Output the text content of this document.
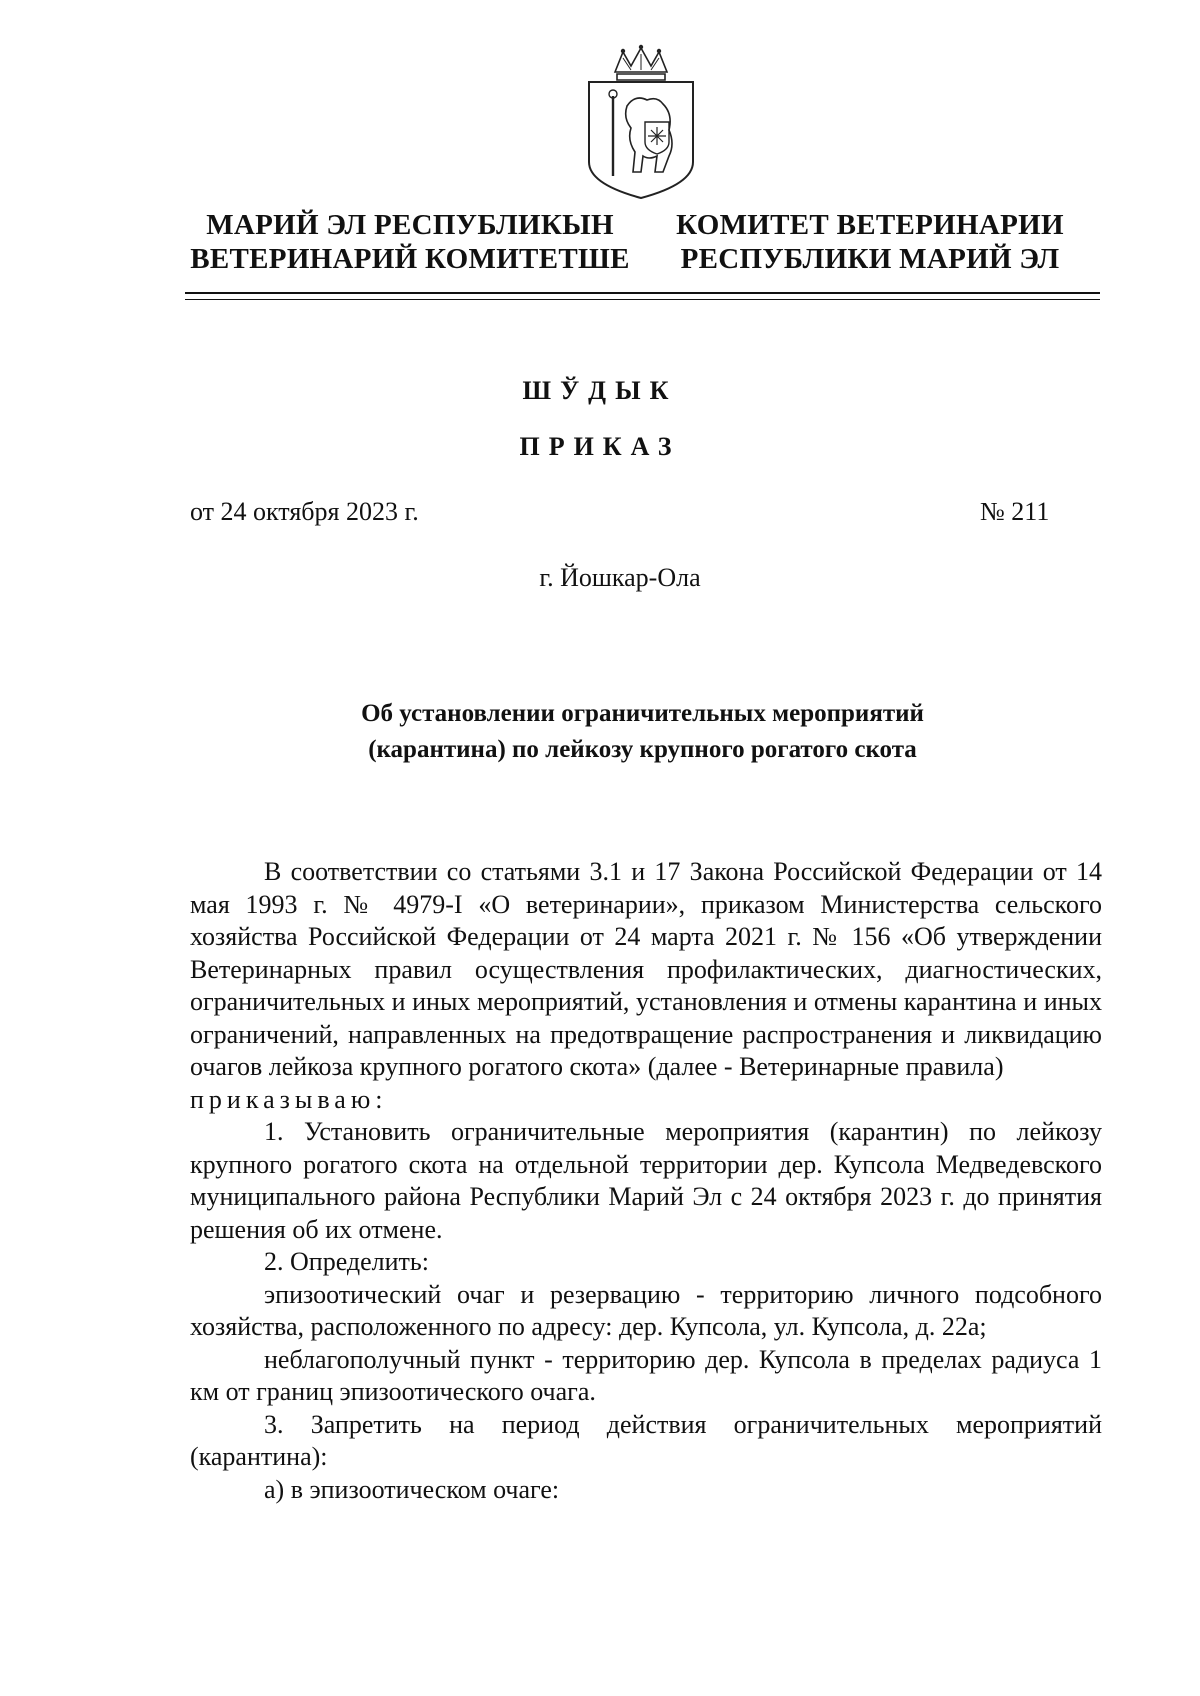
МАРИЙ ЭЛ РЕСПУБЛИКЫН
ВЕТЕРИНАРИЙ КОМИТЕТШЕ
КОМИТЕТ ВЕТЕРИНАРИИ
РЕСПУБЛИКИ МАРИЙ ЭЛ
ШЎДЫК
ПРИКАЗ
от 24 октября 2023 г.	№ 211
г. Йошкар-Ола
Об установлении ограничительных мероприятий
(карантина) по лейкозу крупного рогатого скота

В соответствии со статьями 3.1 и 17 Закона Российской Федерации от 14 мая 1993 г. № 4979-I «О ветеринарии», приказом Министерства сельского хозяйства Российской Федерации от 24 марта 2021 г. № 156 «Об утверждении Ветеринарных правил осуществления профилактических, диагностических, ограничительных и иных мероприятий, установления и отмены карантина и иных ограничений, направленных на предотвращение распространения и ликвидацию очагов лейкоза крупного рогатого скота» (далее - Ветеринарные правила)

приказываю:

1. Установить ограничительные мероприятия (карантин) по лейкозу крупного рогатого скота на отдельной территории дер. Купсола Медведевского муниципального района Республики Марий Эл с 24 октября 2023 г. до принятия решения об их отмене.

2. Определить:

эпизоотический очаг и резервацию - территорию личного подсобного хозяйства, расположенного по адресу: дер. Купсола, ул. Купсола, д. 22а;

неблагополучный пункт - территорию дер. Купсола в пределах радиуса 1 км от границ эпизоотического очага.

3. Запретить на период действия ограничительных мероприятий (карантина):

а) в эпизоотическом очаге:
